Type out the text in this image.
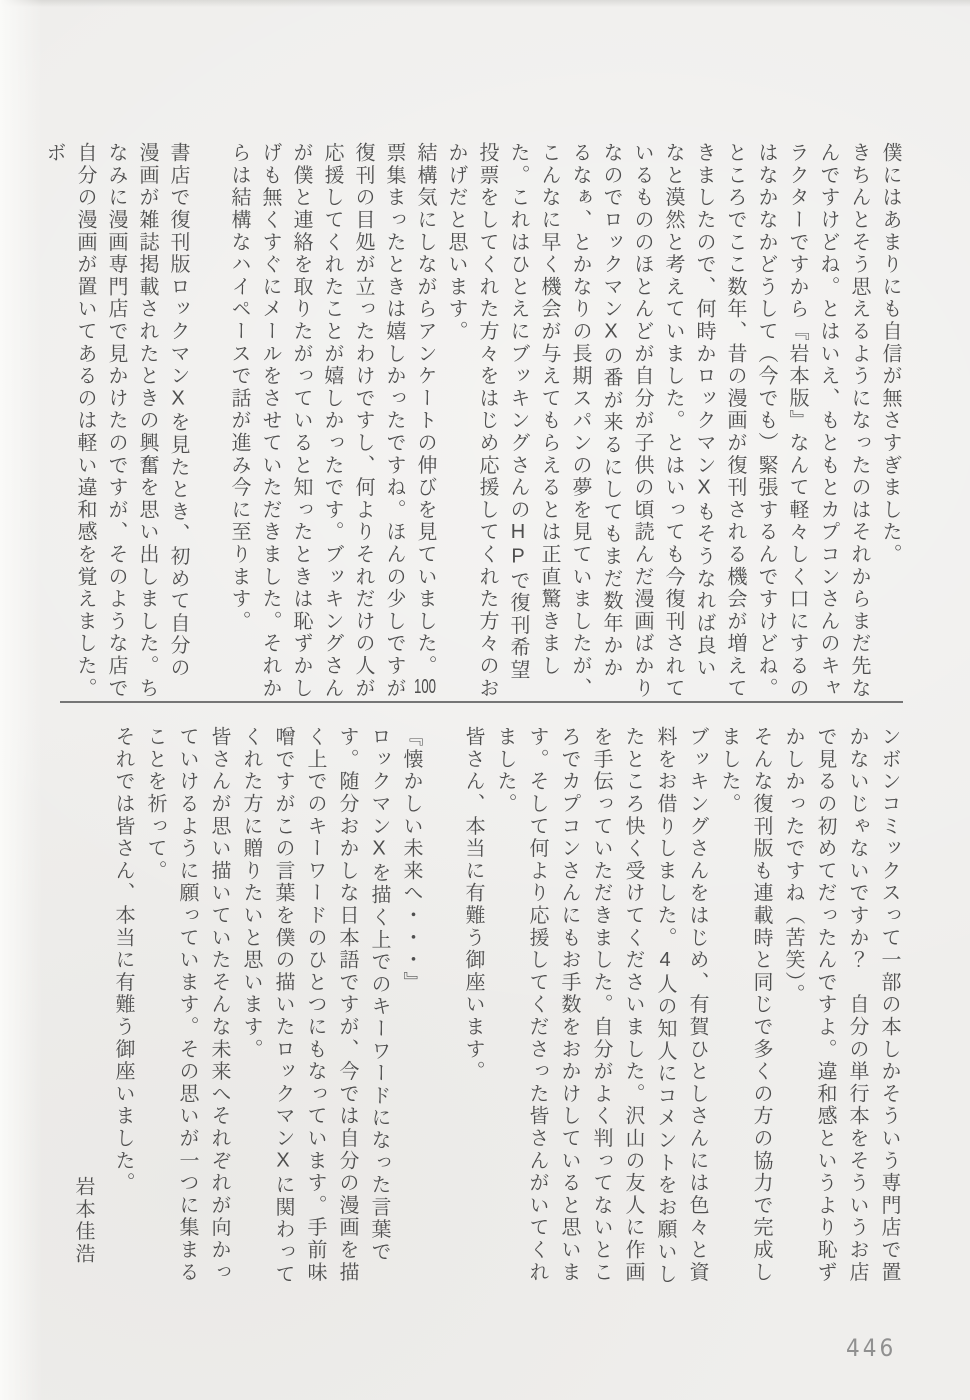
僕にはあまりにも自信が無さすぎました。

きちんとそう思えるようになったのはそれからまだ先なんですけどね。とはいえ、もともとカプコンさんのキャラクターですから『岩本版』なんて軽々しく口にするのはなかなかどうして（今でも）緊張するんですけどね。

ところでここ数年、昔の漫画が復刊される機会が増えてきましたので、何時かロックマンXもそうなれば良いなと漠然と考えていました。とはいっても今復刊されているもののほとんどが自分が子供の頃読んだ漫画ばかりなのでロックマンXの番が来るにしてもまだ数年かかるなぁ、とかなりの長期スパンの夢を見ていましたが、こんなに早く機会が与えてもらえるとは正直驚きました。これはひとえにブッキングさんのHPで復刊希望投票をしてくれた方々をはじめ応援してくれた方々のおかげだと思います。

結構気にしながらアンケートの伸びを見ていました。100票集まったときは嬉しかったですね。ほんの少しですが復刊の目処が立ったわけですし、何よりそれだけの人が応援してくれたことが嬉しかったです。ブッキングさんが僕と連絡を取りたがっていると知ったときは恥ずかしげも無くすぐにメールをさせていただきました。それからは結構なハイペースで話が進み今に至ります。

書店で復刊版ロックマンXを見たとき、初めて自分の漫画が雑誌掲載されたときの興奮を思い出しました。ちなみに漫画専門店で見かけたのですが、そのような店で自分の漫画が置いてあるのは軽い違和感を覚えました。ボ

ンボンコミックスって一部の本しかそういう専門店で置かないじゃないですか？　自分の単行本をそういうお店で見るの初めてだったんですよ。違和感というより恥ずかしかったですね（苦笑）。

そんな復刊版も連載時と同じで多くの方の協力で完成しました。

ブッキングさんをはじめ、有賀ひとしさんには色々と資料をお借りしました。4人の知人にコメントをお願いしたところ快く受けてくださいました。沢山の友人に作画を手伝っていただきました。自分がよく判ってないところでカプコンさんにもお手数をおかけしていると思います。そして何より応援してくださった皆さんがいてくれました。

皆さん、本当に有難う御座います。

『懐かしい未来へ・・・』

ロックマンXを描く上でのキーワードになった言葉です。随分おかしな日本語ですが、今では自分の漫画を描く上でのキーワードのひとつにもなっています。手前味噌ですがこの言葉を僕の描いたロックマンXに関わってくれた方に贈りたいと思います。

皆さんが思い描いていたそんな未来へそれぞれが向かっていけるように願っています。その思いが一つに集まることを祈って。

それでは皆さん、本当に有難う御座いました。

岩本佳浩

446
